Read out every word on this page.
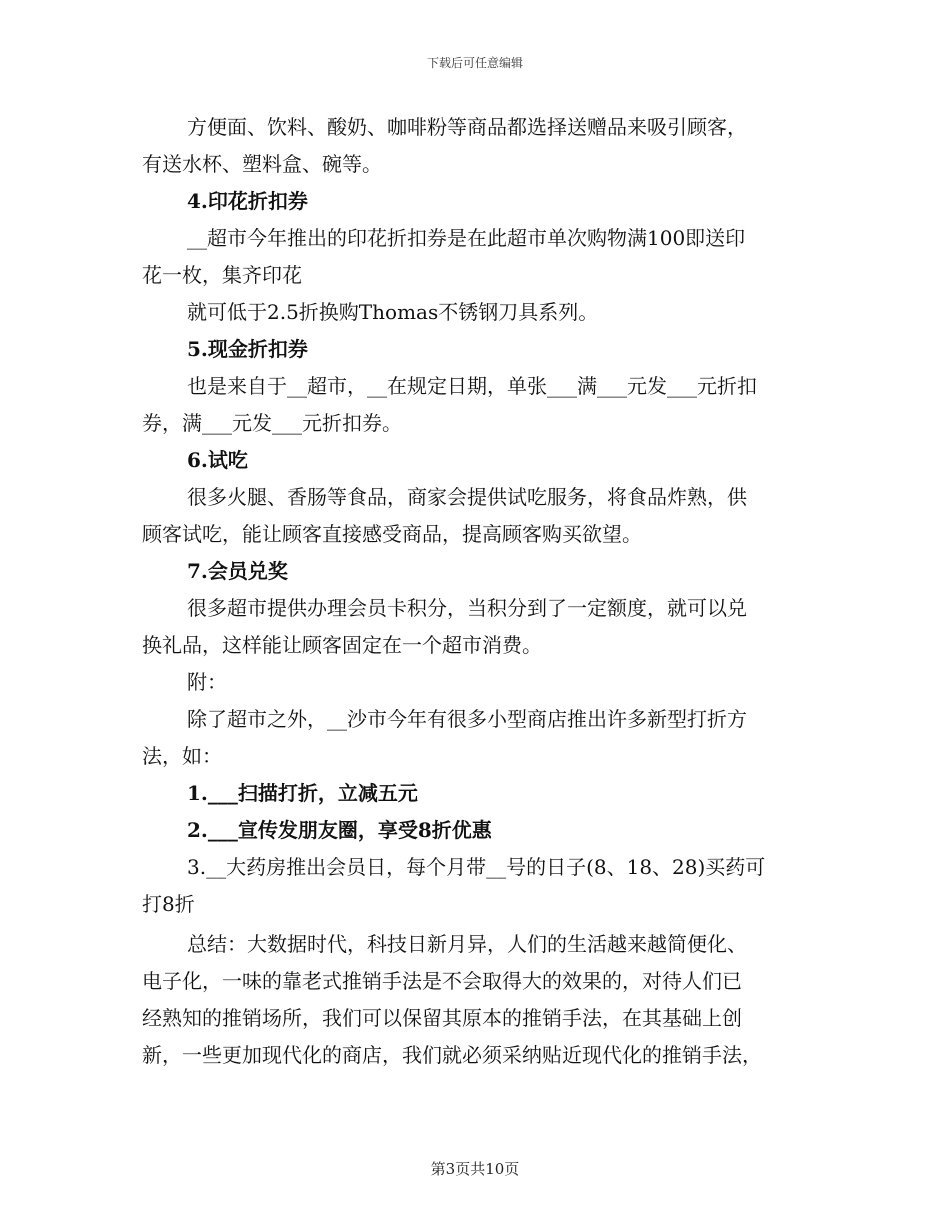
下载后可任意编辑

方便面、饮料、酸奶、咖啡粉等商品都选择送赠品来吸引顾客，

有送水杯、塑料盒、碗等。

4.印花折扣券

__超市今年推出的印花折扣券是在此超市单次购物满100即送印

花一枚，集齐印花

就可低于2.5折换购Thomas不锈钢刀具系列。

5.现金折扣券

也是来自于__超市，__在规定日期，单张___满___元发___元折扣

券，满___元发___元折扣券。

6.试吃

很多火腿、香肠等食品，商家会提供试吃服务，将食品炸熟，供

顾客试吃，能让顾客直接感受商品，提高顾客购买欲望。

7.会员兑奖

很多超市提供办理会员卡积分，当积分到了一定额度，就可以兑

换礼品，这样能让顾客固定在一个超市消费。

附：

除了超市之外，__沙市今年有很多小型商店推出许多新型打折方

法，如：

1.___扫描打折，立减五元

2.___宣传发朋友圈，享受8折优惠

3.__大药房推出会员日，每个月带__号的日子(8、18、28)买药可

打8折

总结：大数据时代，科技日新月异，人们的生活越来越简便化、

电子化，一味的靠老式推销手法是不会取得大的效果的，对待人们已

经熟知的推销场所，我们可以保留其原本的推销手法，在其基础上创

新，一些更加现代化的商店，我们就必须采纳贴近现代化的推销手法，

第3页共10页
